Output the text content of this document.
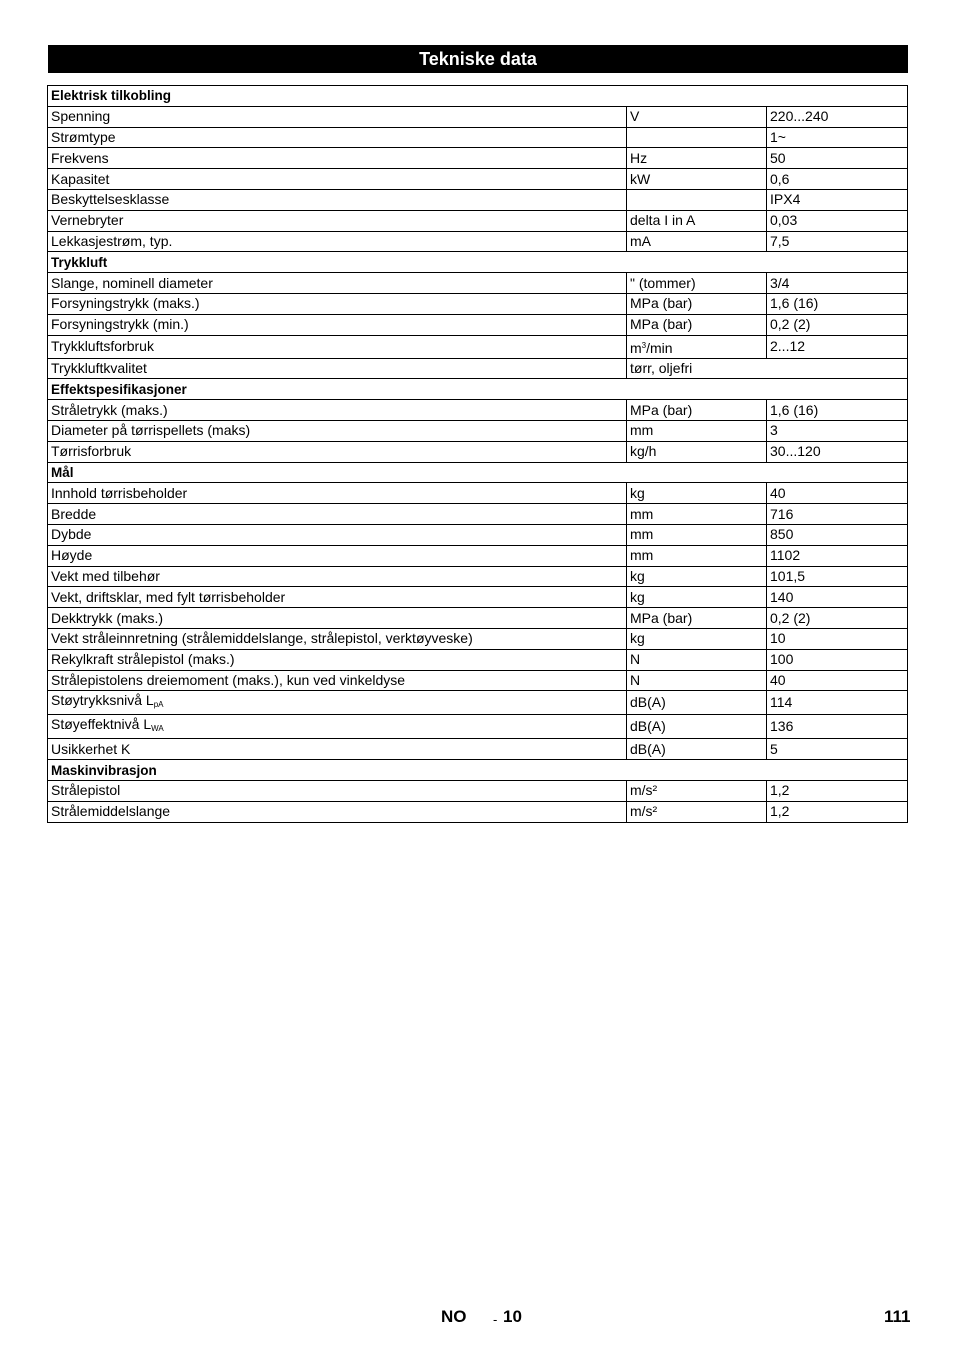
Tekniske data
Elektrisk tilkobling		
Spenning	V	220...240
Strømtype		1~
Frekvens	Hz	50
Kapasitet	kW	0,6
Beskyttelsesklasse		IPX4
Vernebryter	delta I in A	0,03
Lekkasjestrøm, typ.	mA	7,5
Trykkluft		
Slange, nominell diameter	" (tommer)	3/4
Forsyningstrykk (maks.)	MPa (bar)	1,6 (16)
Forsyningstrykk (min.)	MPa (bar)	0,2 (2)
Trykkluftsforbruk	$m^3/\min$	2...12
Trykkluftkvalitet	tørr, oljefri	
Effektspesifikasjoner		
Stråletrykk (maks.)	MPa (bar)	1,6 (16)
Diameter på tørrispellets (maks)	mm	3
Tørrisforbruk	kg/h	30...120
Mål		
Innhold tørrisbeholder	kg	40
Bredde	mm	716
Dybde	mm	850
Høyde	mm	1102
Vekt med tilbehør	kg	101,5
Vekt, driftsklar, med fylt tørrisbeholder	kg	140
Dekktrykk (maks.)	MPa (bar)	0,2 (2)
Vekt stråleinnretning (strålemiddelslange, strålepistol, verktøyveske)	kg	10
Rekylkraft strålepistol (maks.)	N	100
Strålepistolens dreiemoment (maks.), kun ved vinkeldyse	N	40
Støytrykksnivå $L_{pA}$	dB(A)	114
Støyeffektnivå $L_{WA}$	dB(A)	136
Usikkerhet K	dB(A)	5
Maskinvibrasjon		
Strålepistol	m/s²	1,2
Strålemiddelslange	m/s²	1,2
NO - 10	111
